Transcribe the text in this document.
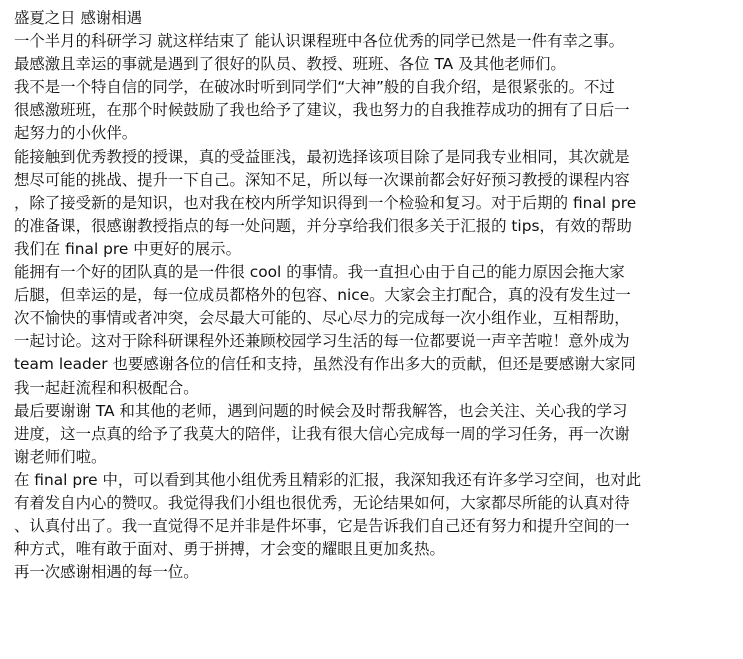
盛夏之日 感谢相遇
一个半月的科研学习 就这样结束了 能认识课程班中各位优秀的同学已然是一件有幸之事。
最感激且幸运的事就是遇到了很好的队员、教授、班班、各位 TA 及其他老师们。
我不是一个特自信的同学，在破冰时听到同学们“大神”般的自我介绍，是很紧张的。不过
很感激班班，在那个时候鼓励了我也给予了建议，我也努力的自我推荐成功的拥有了日后一
起努力的小伙伴。
能接触到优秀教授的授课，真的受益匪浅，最初选择该项目除了是同我专业相同，其次就是
想尽可能的挑战、提升一下自己。深知不足，所以每一次课前都会好好预习教授的课程内容
，除了接受新的是知识，也对我在校内所学知识得到一个检验和复习。对于后期的 final pre
的准备课，很感谢教授指点的每一处问题，并分享给我们很多关于汇报的 tips，有效的帮助
我们在 final pre 中更好的展示。
能拥有一个好的团队真的是一件很 cool 的事情。我一直担心由于自己的能力原因会拖大家
后腿，但幸运的是，每一位成员都格外的包容、nice。大家会主打配合，真的没有发生过一
次不愉快的事情或者冲突，会尽最大可能的、尽心尽力的完成每一次小组作业，互相帮助，
一起讨论。这对于除科研课程外还兼顾校园学习生活的每一位都要说一声辛苦啦！意外成为
team leader 也要感谢各位的信任和支持，虽然没有作出多大的贡献，但还是要感谢大家同
我一起赶流程和积极配合。
最后要谢谢 TA 和其他的老师，遇到问题的时候会及时帮我解答，也会关注、关心我的学习
进度，这一点真的给予了我莫大的陪伴，让我有很大信心完成每一周的学习任务，再一次谢
谢老师们啦。
在 final pre 中，可以看到其他小组优秀且精彩的汇报，我深知我还有许多学习空间，也对此
有着发自内心的赞叹。我觉得我们小组也很优秀，无论结果如何，大家都尽所能的认真对待
、认真付出了。我一直觉得不足并非是件坏事，它是告诉我们自己还有努力和提升空间的一
种方式，唯有敢于面对、勇于拼搏，才会变的耀眼且更加炙热。
再一次感谢相遇的每一位。
